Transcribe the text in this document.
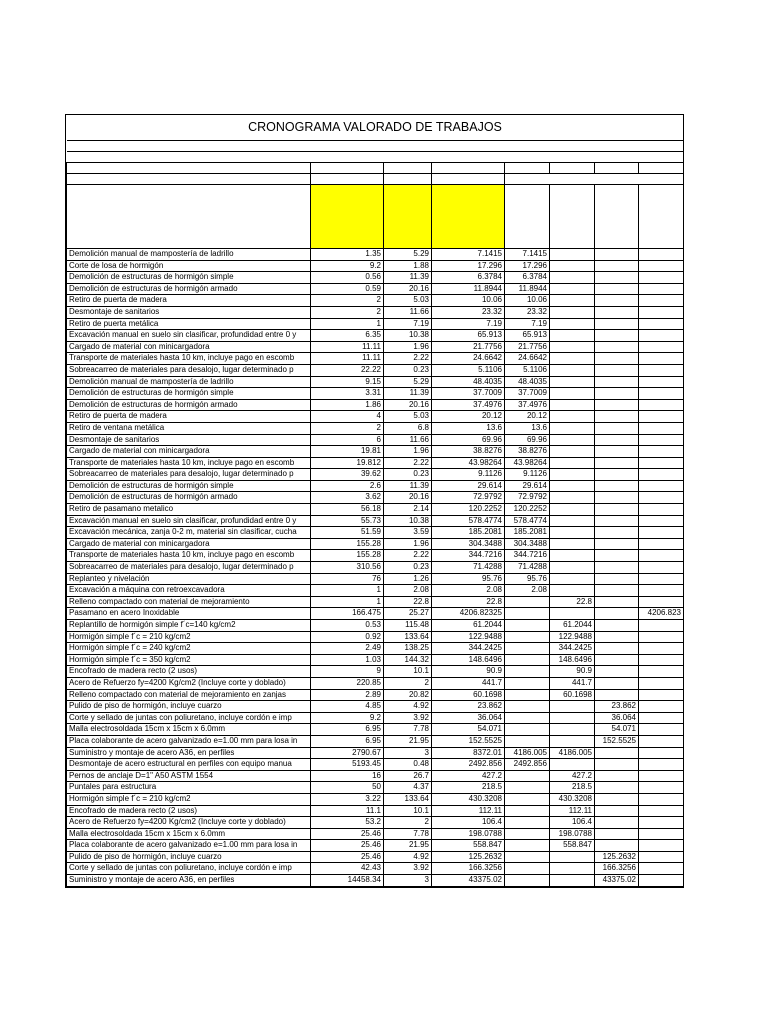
CRONOGRAMA VALORADO DE TRABAJOS							

Demolición manual de mampostería de ladrillo	1.35	5.29	7.1415	7.1415			
Corte de losa de hormigón	9.2	1.88	17.296	17.296			
Demolición de estructuras de hormigón simple	0.56	11.39	6.3784	6.3784			
Demolición de estructuras de hormigón armado	0.59	20.16	11.8944	11.8944			
Retiro de puerta de madera	2	5.03	10.06	10.06			
Desmontaje de sanitarios	2	11.66	23.32	23.32			
Retiro de puerta metálica	1	7.19	7.19	7.19			
Excavación manual en suelo sin clasificar, profundidad entre 0 y	6.35	10.38	65.913	65.913			
Cargado de material con minicargadora	11.11	1.96	21.7756	21.7756			
Transporte de materiales hasta 10 km, incluye pago en escomb	11.11	2.22	24.6642	24.6642			
Sobreacarreo de materiales para desalojo, lugar determinado p	22.22	0.23	5.1106	5.1106			
Demolición manual de mampostería de ladrillo	9.15	5.29	48.4035	48.4035			
Demolición de estructuras de hormigón simple	3.31	11.39	37.7009	37.7009			
Demolición de estructuras de hormigón armado	1.86	20.16	37.4976	37.4976			
Retiro de puerta de madera	4	5.03	20.12	20.12			
Retiro de ventana metálica	2	6.8	13.6	13.6			
Desmontaje de sanitarios	6	11.66	69.96	69.96			
Cargado de material con minicargadora	19.81	1.96	38.8276	38.8276			
Transporte de materiales hasta 10 km, incluye pago en escomb	19.812	2.22	43.98264	43.98264			
Sobreacarreo de materiales para desalojo, lugar determinado p	39.62	0.23	9.1126	9.1126			
Demolición de estructuras de hormigón simple	2.6	11.39	29.614	29.614			
Demolición de estructuras de hormigón armado	3.62	20.16	72.9792	72.9792			
Retiro de pasamano metalico	56.18	2.14	120.2252	120.2252			
Excavación manual en suelo sin clasificar, profundidad entre 0 y	55.73	10.38	578.4774	578.4774			
Excavación mecánica, zanja 0-2 m, material sin clasificar, cucha	51.59	3.59	185.2081	185.2081			
Cargado de material con minicargadora	155.28	1.96	304.3488	304.3488			
Transporte de materiales hasta 10 km, incluye pago en escomb	155.28	2.22	344.7216	344.7216			
Sobreacarreo de materiales para desalojo, lugar determinado p	310.56	0.23	71.4288	71.4288			
Replanteo y nivelación	76	1.26	95.76	95.76			
Excavación a máquina con retroexcavadora	1	2.08	2.08	2.08			
Relleno compactado con material de mejoramiento	1	22.8	22.8		22.8		
Pasamano en acero Inoxidable	166.475	25.27	4206.82325				4206.823
Replantillo de hormigón simple f´c=140 kg/cm2	0.53	115.48	61.2044		61.2044		
Hormigón simple f´c = 210 kg/cm2	0.92	133.64	122.9488		122.9488		
Hormigón simple f´c = 240 kg/cm2	2.49	138.25	344.2425		344.2425		
Hormigón simple f´c = 350 kg/cm2	1.03	144.32	148.6496		148.6496		
Encofrado de madera recto (2 usos)	9	10.1	90.9		90.9		
Acero de Refuerzo fy=4200 Kg/cm2 (Incluye corte y doblado)	220.85	2	441.7		441.7		
Relleno compactado con material de mejoramiento en zanjas	2.89	20.82	60.1698		60.1698		
Pulido de piso de hormigón, incluye cuarzo	4.85	4.92	23.862			23.862	
Corte y sellado de juntas con poliuretano, incluye cordón e imp	9.2	3.92	36.064			36.064	
Malla electrosoldada 15cm x 15cm x 6.0mm	6.95	7.78	54.071			54.071	
Placa colaborante de acero galvanizado e=1.00 mm para losa in	6.95	21.95	152.5525			152.5525	
Suministro y montaje de acero A36, en perfiles	2790.67	3	8372.01	4186.005	4186.005		
Desmontaje de acero estructural en perfiles con equipo manua	5193.45	0.48	2492.856	2492.856			
Pernos de anclaje D=1" A50 ASTM 1554	16	26.7	427.2		427.2		
Puntales para estructura	50	4.37	218.5		218.5		
Hormigón simple f´c = 210 kg/cm2	3.22	133.64	430.3208		430.3208		
Encofrado de madera recto (2 usos)	11.1	10.1	112.11		112.11		
Acero de Refuerzo fy=4200 Kg/cm2 (Incluye corte y doblado)	53.2	2	106.4		106.4		
Malla electrosoldada 15cm x 15cm x 6.0mm	25.46	7.78	198.0788		198.0788		
Placa colaborante de acero galvanizado e=1.00 mm para losa in	25.46	21.95	558.847		558.847		
Pulido de piso de hormigón, incluye cuarzo	25.46	4.92	125.2632			125.2632	
Corte y sellado de juntas con poliuretano, incluye cordón e imp	42.43	3.92	166.3256			166.3256	
Suministro y montaje de acero A36, en perfiles	14458.34	3	43375.02			43375.02	
